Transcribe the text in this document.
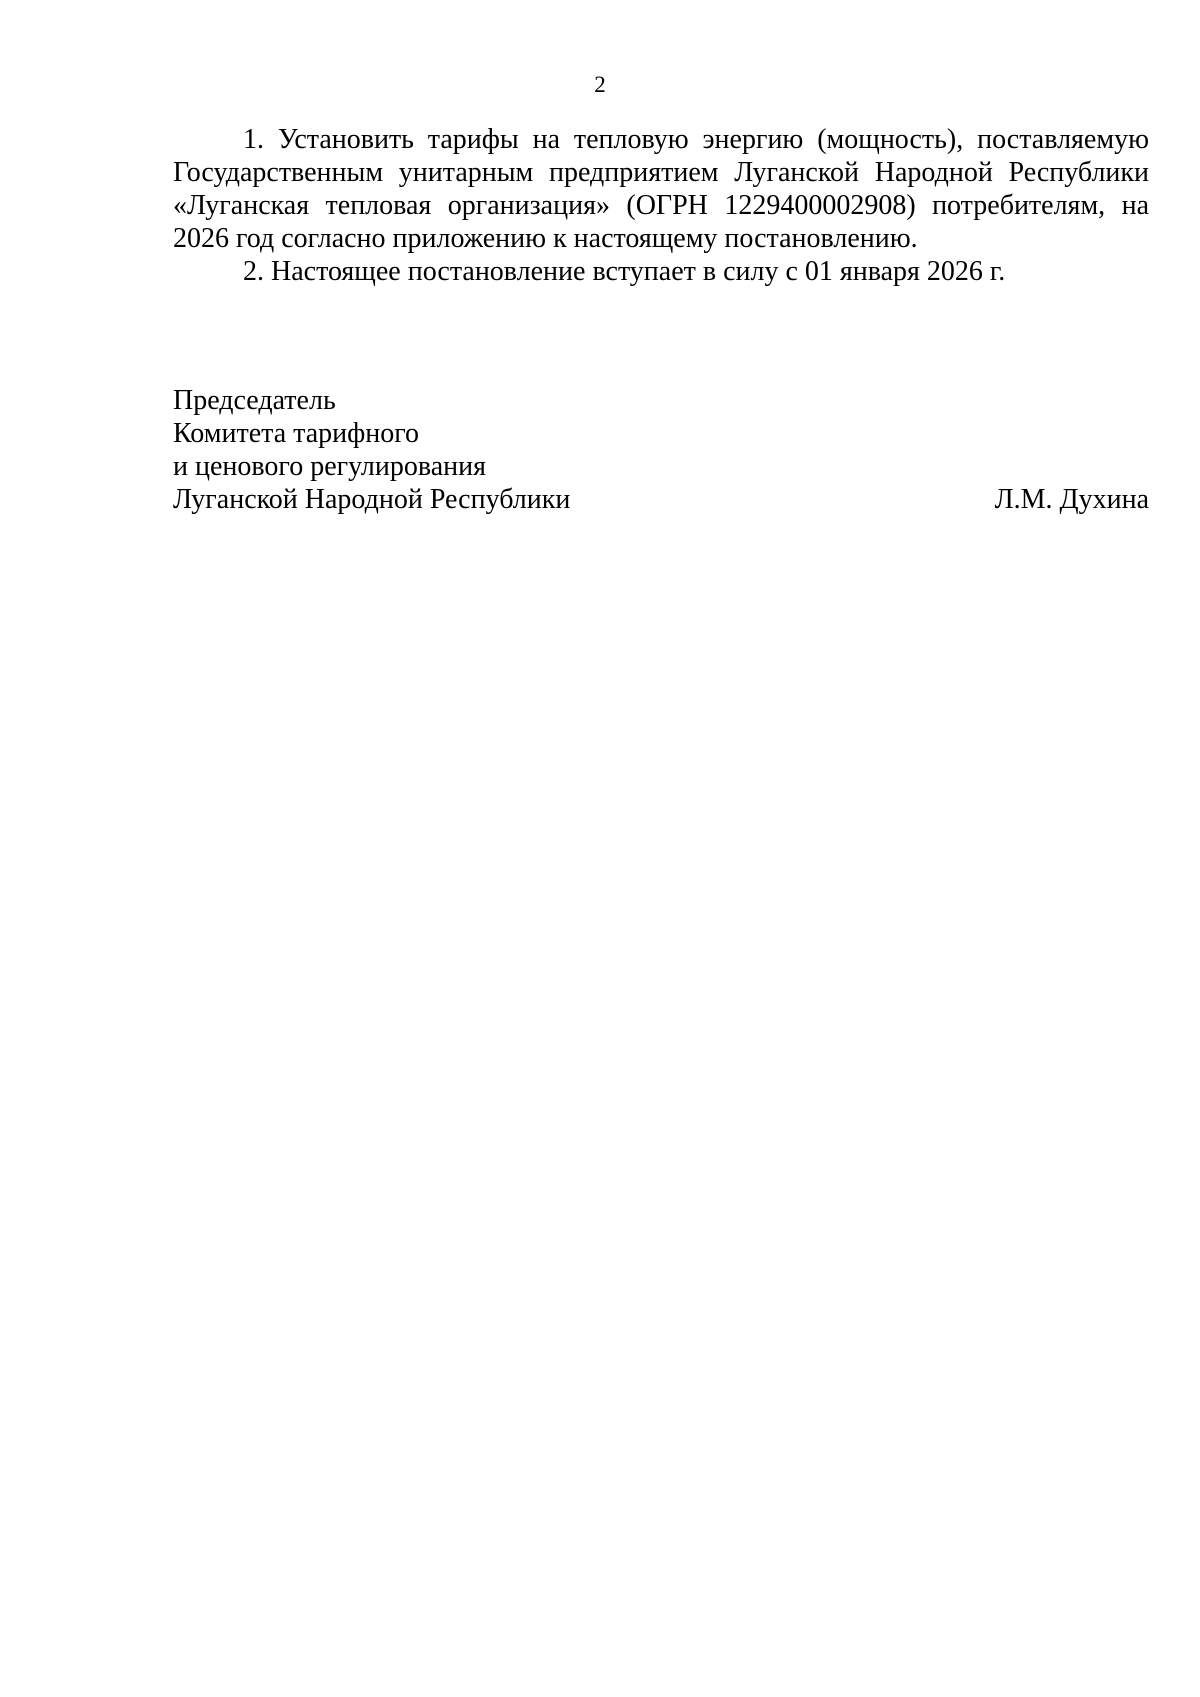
2

1. Установить тарифы на тепловую энергию (мощность), поставляемую Государственным унитарным предприятием Луганской Народной Республики «Луганская тепловая организация» (ОГРН 1229400002908) потребителям, на 2026 год согласно приложению к настоящему постановлению.

2. Настоящее постановление вступает в силу с 01 января 2026 г.

Председатель
Комитета тарифного
и ценового регулирования
Луганской Народной Республики	Л.М. Духина
